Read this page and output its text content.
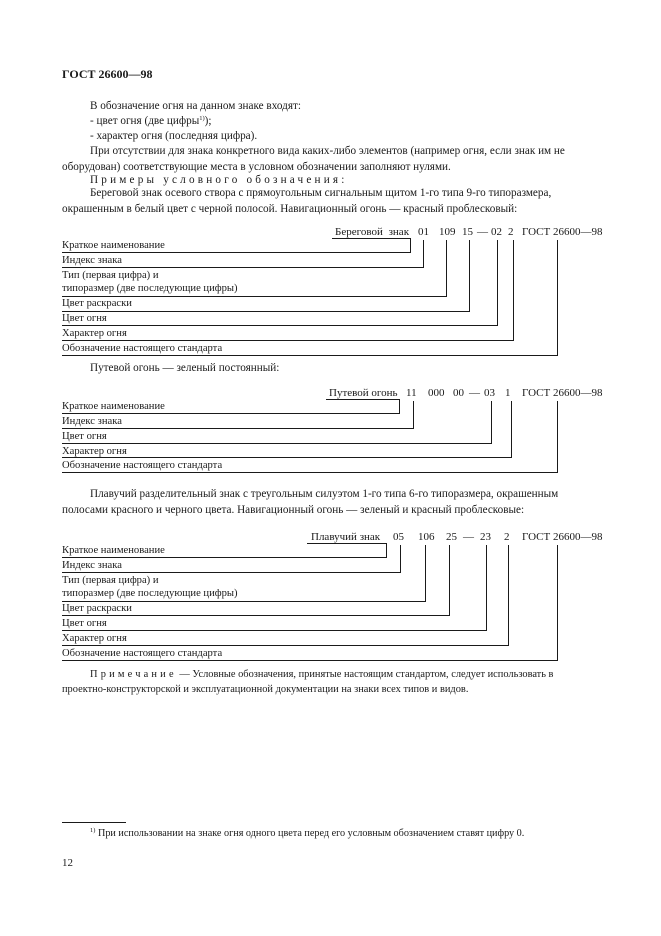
ГОСТ 26600—98
В обозначение огня на данном знаке входят:
- цвет огня (две цифры$^{1)}$);
- характер огня (последняя цифра).
При отсутствии для знака конкретного вида каких-либо элементов (например огня, если знак им не оборудован) соответствующие места в условном обозначении заполняют нулями.
Примеры условного обозначения:
Береговой знак осевого створа с прямоугольным сигнальным щитом 1-го типа 9-го типоразмера, окрашенным в белый цвет с черной полосой. Навигационный огонь — красный проблесковый:
Береговой знак 01 109 15 — 02 2 ГОСТ 26600—98
Краткое наименование
Индекс знака
Тип (первая цифра) и
типоразмер (две последующие цифры)
Цвет раскраски
Цвет огня
Характер огня
Обозначение настоящего стандарта
Путевой огонь — зеленый постоянный:
Путевой огонь 11 000 00 — 03 1 ГОСТ 26600—98
Краткое наименование
Индекс знака
Цвет огня
Характер огня
Обозначение настоящего стандарта
Плавучий разделительный знак с треугольным силуэтом 1-го типа 6-го типоразмера, окрашенным полосами красного и черного цвета. Навигационный огонь — зеленый и красный проблесковые:
Плавучий знак 05 106 25 — 23 2 ГОСТ 26600—98
Краткое наименование
Индекс знака
Тип (первая цифра) и
типоразмер (две последующие цифры)
Цвет раскраски
Цвет огня
Характер огня
Обозначение настоящего стандарта
Примечание — Условные обозначения, принятые настоящим стандартом, следует использовать в проектно-конструкторской и эксплуатационной документации на знаки всех типов и видов.
$^{1)}$ При использовании на знаке огня одного цвета перед его условным обозначением ставят цифру 0.
12
